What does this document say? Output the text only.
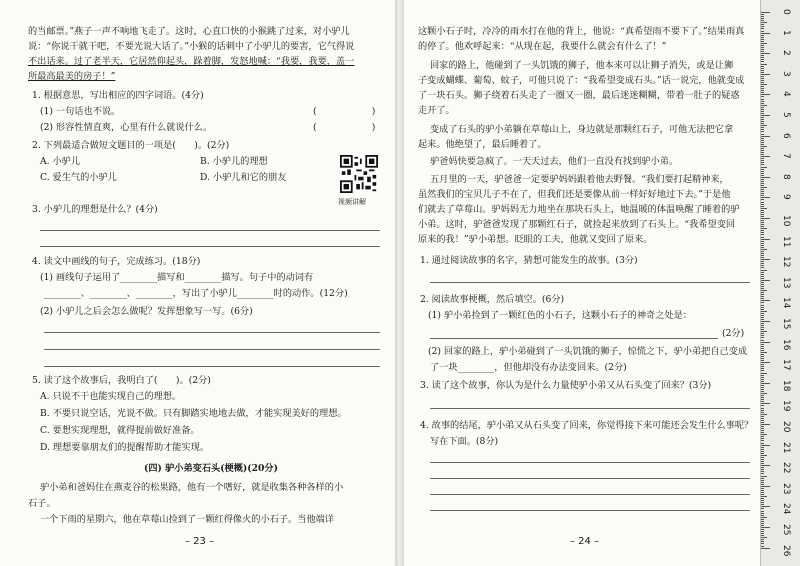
的当邮票。”燕子一声不响地飞走了。这时，心直口快的小猴跳了过来，对小驴儿
说：“你说干就干吧，不要光说大话了。”小猴的话刺中了小驴儿的要害，它气得说
不出话来。过了老半天，它居然仰起头，跺着脚，发怒地喊：“我要，我要，盖一
所最高最美的房子！”
1. 根据意思，写出相应的四字词语。(4分)
(1) 一句话也不说。	(　　　　　　)
(2) 形容性情直爽，心里有什么就说什么。	(　　　　　　)
2. 下列最适合做短文题目的一项是(　　)。(2分)
A. 小驴儿	B. 小驴儿的理想
C. 爱生气的小驴儿	D. 小驴儿和它的朋友
视频讲解
3. 小驴儿的理想是什么？(4分)
4. 读文中画线的句子，完成练习。(18分)
(1) 画线句子运用了________描写和________描写。句子中的动词有
________、________、________，写出了小驴儿________时的动作。(12分)
(2) 小驴儿之后会怎么做呢？发挥想象写一写。(6分)
5. 读了这个故事后，我明白了(　　)。(2分)
A. 只说不干也能实现自己的理想。
B. 不要只说空话，光说不做。只有脚踏实地地去做，才能实现美好的理想。
C. 要想实现理想，就得提前做好准备。
D. 理想要靠朋友们的提醒帮助才能实现。
(四) 驴小弟变石头(梗概)(20分)
驴小弟和爸妈住在燕麦谷的松果路，他有一个嗜好，就是收集各种各样的小
石子。
一个下雨的星期六，他在草莓山捡到了一颗红得像火的小石子。当他端详
– 23 –
这颗小石子时，冷冷的雨水打在他的背上，他说：“真希望雨不要下了。”结果雨真
的停了。他欢呼起来：“从现在起，我要什么就会有什么了！”
回家的路上，他碰到了一头饥饿的狮子，他本来可以让狮子消失，或是让狮
子变成蝴蝶、葡萄、蚊子，可他只说了：“我希望变成石头。”话一说完，他就变成
了一块石头。狮子绕着石头走了一圈又一圈，最后迷迷糊糊，带着一肚子的疑惑
走开了。
变成了石头的驴小弟躺在草莓山上，身边就是那颗红石子，可他无法把它拿
起来。他绝望了，最后睡着了。
驴爸妈快要急疯了。一天天过去，他们一直没有找到驴小弟。
五月里的一天，驴爸爸一定要驴妈妈跟着他去野餐。“我们要打起精神来，
虽然我们的宝贝儿子不在了，但我们还是要像从前一样好好地过下去。”于是他
们就去了草莓山。驴妈妈无力地坐在那块石头上，她温暖的体温唤醒了睡着的驴
小弟。这时，驴爸爸发现了那颗红石子，就捡起来放到了石头上。“我希望变回
原来的我！”驴小弟想。眨眼的工夫，他就又变回了原来。
1. 通过阅读故事的名字，猜想可能发生的故事。(3分)
2. 阅读故事梗概，然后填空。(6分)
(1) 驴小弟捡到了一颗红色的小石子，这颗小石子的神奇之处是：
(2分)
(2) 回家的路上，驴小弟碰到了一头饥饿的狮子，惊慌之下，驴小弟把自己变成
了一块________，但他却没有办法变回来。(2分)
3. 读了这个故事，你认为是什么力量使驴小弟又从石头变了回来？(3分)
4. 故事的结尾，驴小弟又从石头变了回来，你觉得接下来可能还会发生什么事呢？
写在下面。(8分)
– 24 –
0
1
2
3
4
5
6
7
8
9
10
11
12
13
14
15
16
17
18
19
20
21
22
23
24
25
26
